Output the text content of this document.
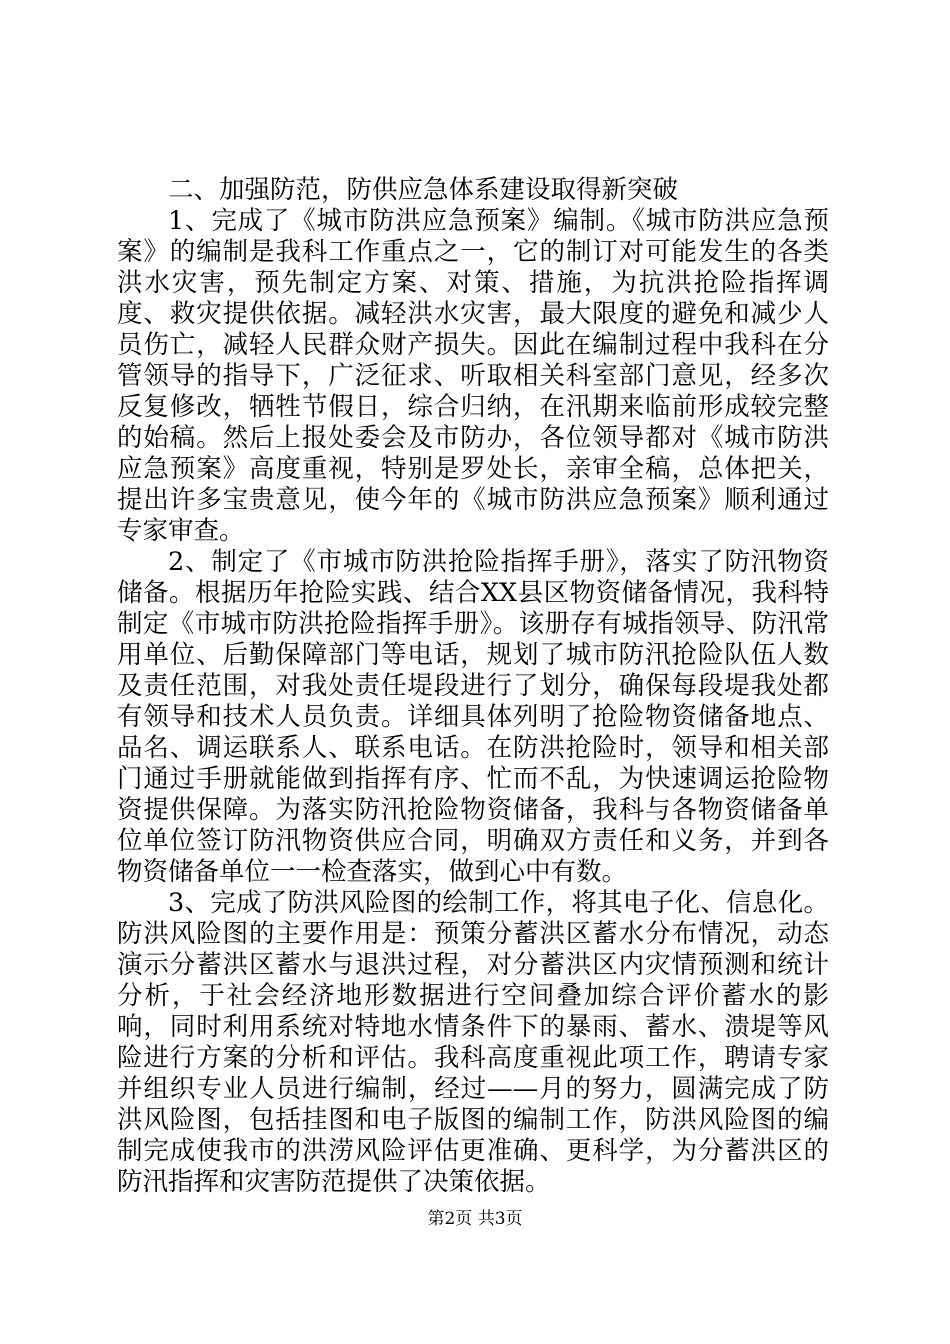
二、加强防范，防供应急体系建设取得新突破

1、完成了《城市防洪应急预案》编制。《城市防洪应急预案》的编制是我科工作重点之一，它的制订对可能发生的各类洪水灾害，预先制定方案、对策、措施，为抗洪抢险指挥调度、救灾提供依据。减轻洪水灾害，最大限度的避免和减少人员伤亡，减轻人民群众财产损失。因此在编制过程中我科在分管领导的指导下，广泛征求、听取相关科室部门意见，经多次反复修改，牺牲节假日，综合归纳，在汛期来临前形成较完整的始稿。然后上报处委会及市防办，各位领导都对《城市防洪应急预案》高度重视，特别是罗处长，亲审全稿，总体把关，提出许多宝贵意见，使今年的《城市防洪应急预案》顺利通过专家审查。

2、制定了《市城市防洪抢险指挥手册》，落实了防汛物资储备。根据历年抢险实践、结合XX县区物资储备情况，我科特制定《市城市防洪抢险指挥手册》。该册存有城指领导、防汛常用单位、后勤保障部门等电话，规划了城市防汛抢险队伍人数及责任范围，对我处责任堤段进行了划分，确保每段堤我处都有领导和技术人员负责。详细具体列明了抢险物资储备地点、品名、调运联系人、联系电话。在防洪抢险时，领导和相关部门通过手册就能做到指挥有序、忙而不乱，为快速调运抢险物资提供保障。为落实防汛抢险物资储备，我科与各物资储备单位单位签订防汛物资供应合同，明确双方责任和义务，并到各物资储备单位一一检查落实，做到心中有数。

3、完成了防洪风险图的绘制工作，将其电子化、信息化。防洪风险图的主要作用是：预策分蓄洪区蓄水分布情况，动态演示分蓄洪区蓄水与退洪过程，对分蓄洪区内灾情预测和统计分析，于社会经济地形数据进行空间叠加综合评价蓄水的影响，同时利用系统对特地水情条件下的暴雨、蓄水、溃堤等风险进行方案的分析和评估。我科高度重视此项工作，聘请专家并组织专业人员进行编制，经过——月的努力，圆满完成了防洪风险图，包括挂图和电子版图的编制工作，防洪风险图的编制完成使我市的洪涝风险评估更准确、更科学，为分蓄洪区的防汛指挥和灾害防范提供了决策依据。

第2页 共3页
